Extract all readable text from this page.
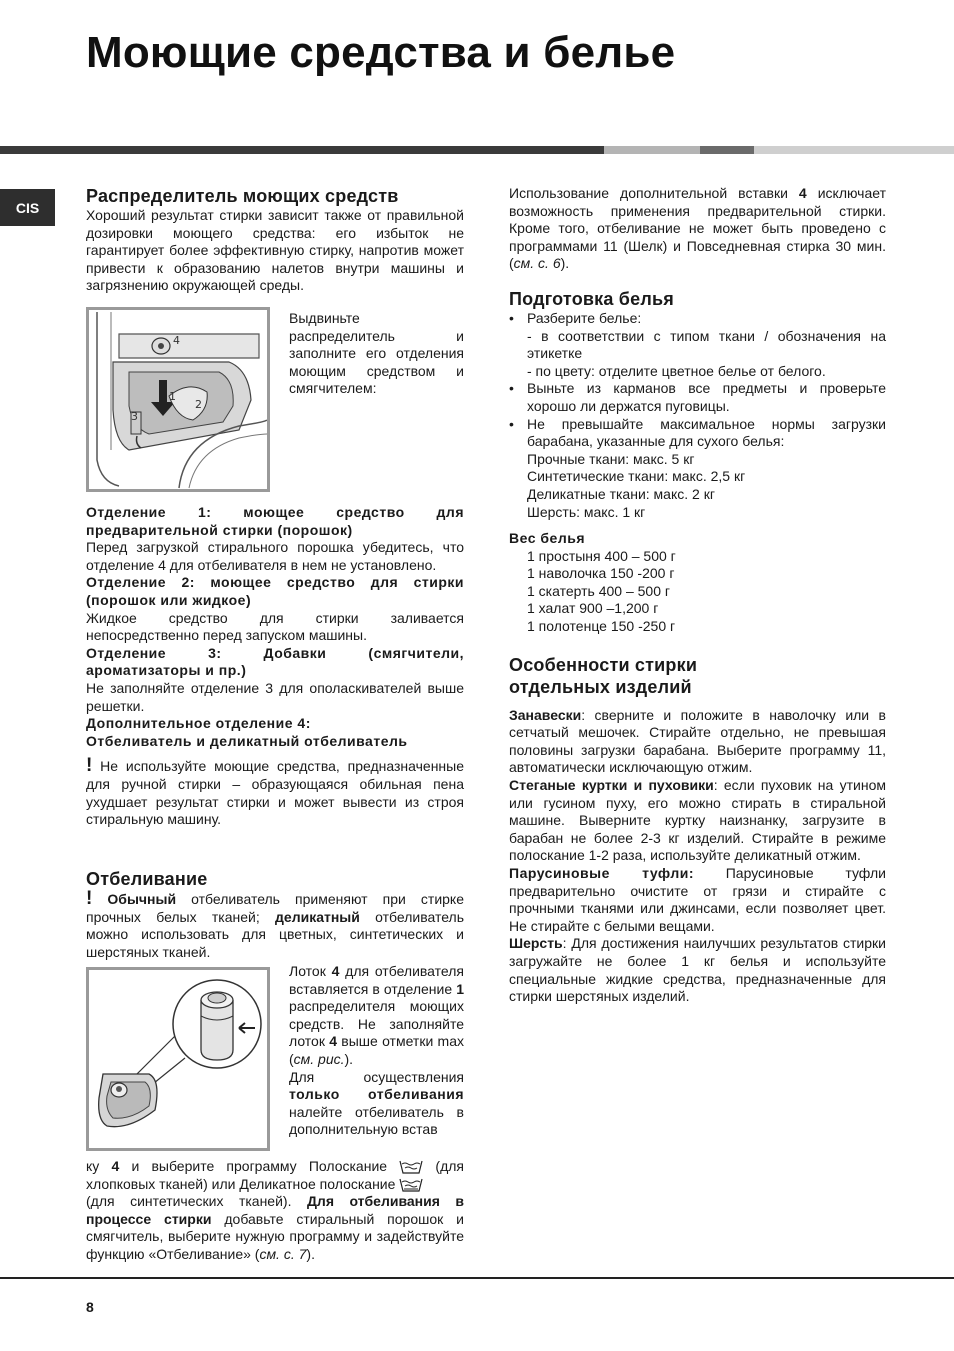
Моющие средства и белье
CIS
Распределитель моющих средств

Хороший результат стирки зависит также от правильной дозировки моющего средства: его избыток не гарантирует более эффективную стирку, напротив может привести к образованию налетов внутри машины и загрязнению окружающей среды.

4
1
2
3
Выдвиньте распределитель и заполните его отделения моющим средством и смягчителем:

Отделение 1: моющее средство для предварительной стирки (порошок)

Перед загрузкой стирального порошка убедитесь, что отделение 4 для отбеливателя в нем не установлено.

Отделение 2: моющее средство для стирки (порошок или жидкое)

Жидкое средство для стирки заливается непосредственно перед запуском машины.

Отделение 3: Добавки (смягчители, ароматизаторы и пр.)

Не заполняйте отделение 3 для ополаскивателей выше решетки.

Дополнительное отделение 4:

Отбеливатель и деликатный отбеливатель

! Не используйте моющие средства, предназначенные для ручной стирки – образующаяся обильная пена ухудшает результат стирки и может вывести из строя стиральную машину.

Отбеливание

! Обычный отбеливатель применяют при стирке прочных белых тканей; деликатный отбеливатель можно использовать для цветных, синтетических и шерстяных тканей.

Лоток 4 для отбеливателя вставляется в отделение 1 распределителя моющих средств. Не заполняйте лоток 4 выше отметки max (см. рис.).
Для осуществления только отбеливания налейте отбеливатель в дополнительную встав

ку 4 и выберите программу Полоскание  (для хлопковых тканей) или Деликатное полоскание
(для синтетических тканей). Для отбеливания в процессе стирки добавьте стиральный порошок и смягчитель, выберите нужную программу и задействуйте функцию «Отбеливание» (см. с. 7).

Использование дополнительной вставки 4 исключает возможность применения предварительной стирки. Кроме того, отбеливание не может быть проведено с программами 11 (Шелк) и Повседневная стирка 30 мин. (см. с. 6).

Подготовка белья
• Разберите белье:
- в соответствии с типом ткани / обозначения на этикетке
- по цвету: отделите цветное белье от белого.
• Выньте из карманов все предметы и проверьте хорошо ли держатся пуговицы.
• Не превышайте максимальное нормы загрузки барабана, указанные для сухого белья:
Прочные ткани: макс. 5 кг
Синтетические ткани: макс. 2,5 кг
Деликатные ткани: макс. 2 кг
Шерсть: макс. 1 кг

Вес белья

1 простыня 400 – 500 г
1 наволочка 150 -200 г
1 скатерть 400 – 500 г
1 халат 900 –1,200 г
1 полотенце 150 -250 г
Особенности стирки
отдельных изделий

Занавески: сверните и положите в наволочку или в сетчатый мешочек. Стирайте отдельно, не превышая половины загрузки барабана. Выберите программу 11, автоматически исключающую отжим.

Стеганые куртки и пуховики: если пуховик на утином или гусином пуху, его можно стирать в стиральной машине. Выверните куртку наизнанку, загрузите в барабан не более 2-3 кг изделий. Стирайте в режиме полоскание 1-2 раза, используйте деликатный отжим.

Парусиновые туфли: Парусиновые туфли предварительно очистите от грязи и стирайте с прочными тканями или джинсами, если позволяет цвет. Не стирайте с белыми вещами.

Шерсть: Для достижения наилучших результатов стирки загружайте не более 1 кг белья и используйте специальные жидкие средства, предназначенные для стирки шерстяных изделий.

8
